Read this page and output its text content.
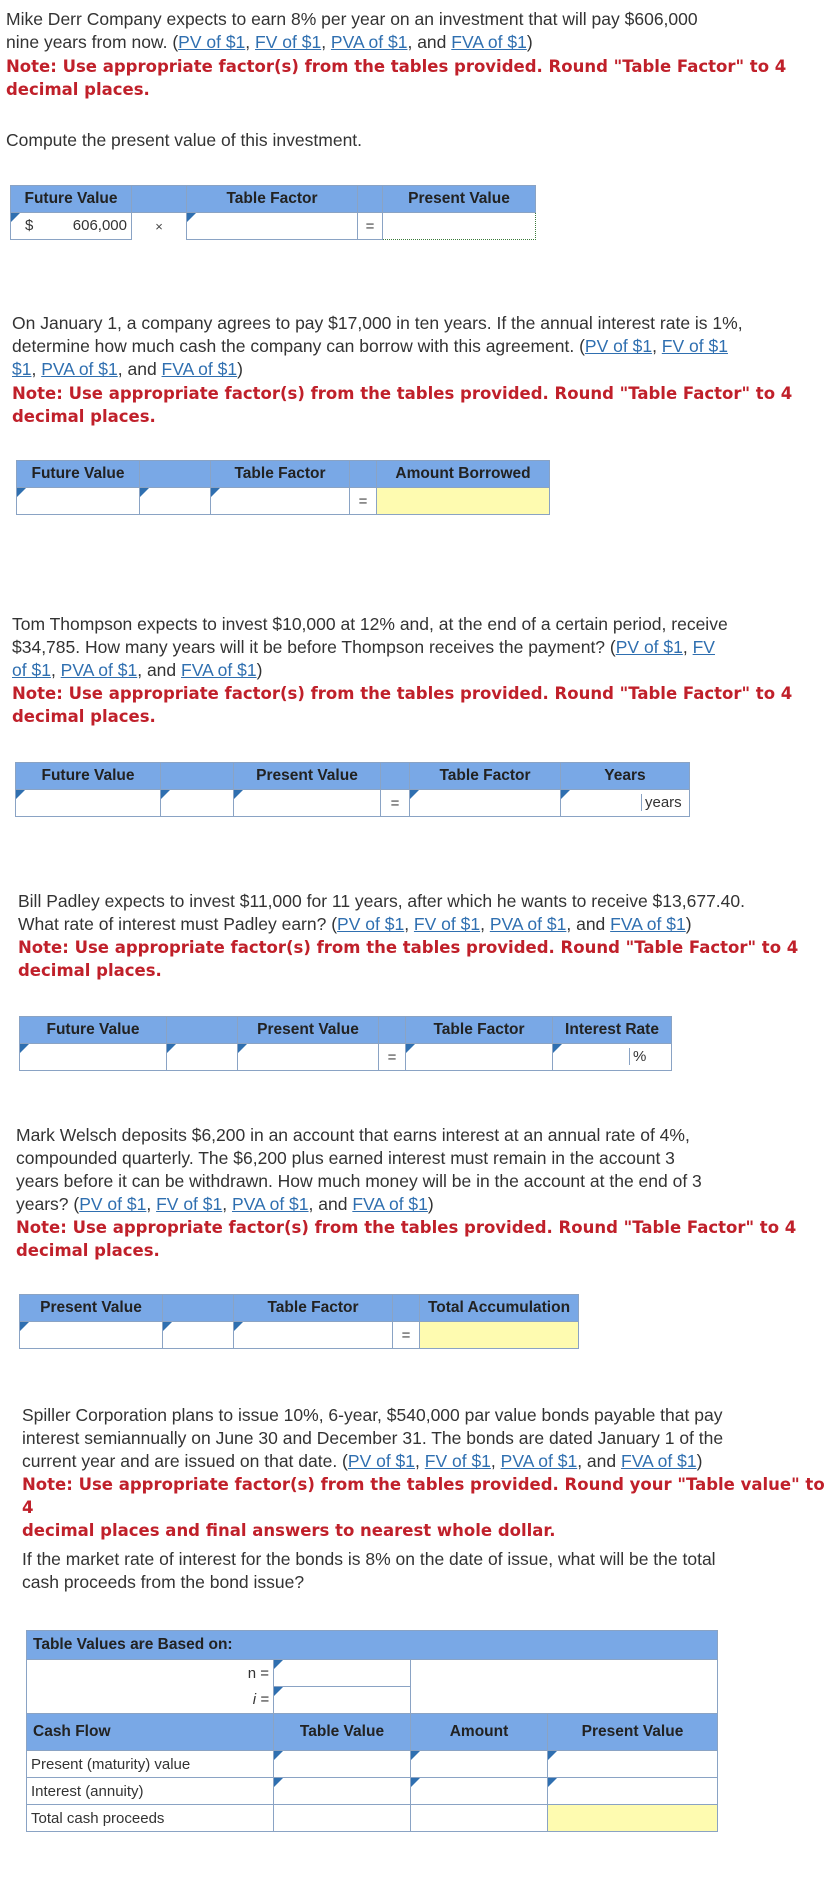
Mike Derr Company expects to earn 8% per year on an investment that will pay $606,000
nine years from now. (PV of $1, FV of $1, PVA of $1, and FVA of $1)
Note: Use appropriate factor(s) from the tables provided. Round "Table Factor" to 4
decimal places.
Compute the present value of this investment.
Future Value		Table Factor		Present Value

$ 606,000	×		=	
On January 1, a company agrees to pay $17,000 in ten years. If the annual interest rate is 1%,
determine how much cash the company can borrow with this agreement. (PV of $1, FV of $1
$1, PVA of $1, and FVA of $1)
Note: Use appropriate factor(s) from the tables provided. Round "Table Factor" to 4
decimal places.
Future Value		Table Factor		Amount Borrowed
			=	
Tom Thompson expects to invest $10,000 at 12% and, at the end of a certain period, receive
$34,785. How many years will it be before Thompson receives the payment? (PV of $1, FV
of $1, PVA of $1, and FVA of $1)
Note: Use appropriate factor(s) from the tables provided. Round "Table Factor" to 4
decimal places.
Future Value		Present Value		Table Factor	Years
			=		years
Bill Padley expects to invest $11,000 for 11 years, after which he wants to receive $13,677.40.
What rate of interest must Padley earn? (PV of $1, FV of $1, PVA of $1, and FVA of $1)
Note: Use appropriate factor(s) from the tables provided. Round "Table Factor" to 4
decimal places.
Future Value		Present Value		Table Factor	Interest Rate
			=		%
Mark Welsch deposits $6,200 in an account that earns interest at an annual rate of 4%,
compounded quarterly. The $6,200 plus earned interest must remain in the account 3
years before it can be withdrawn. How much money will be in the account at the end of 3
years? (PV of $1, FV of $1, PVA of $1, and FVA of $1)
Note: Use appropriate factor(s) from the tables provided. Round "Table Factor" to 4
decimal places.
Present Value		Table Factor		Total Accumulation
			=	
Spiller Corporation plans to issue 10%, 6-year, $540,000 par value bonds payable that pay
interest semiannually on June 30 and December 31. The bonds are dated January 1 of the
current year and are issued on that date. (PV of $1, FV of $1, PVA of $1, and FVA of $1)
Note: Use appropriate factor(s) from the tables provided. Round your "Table value" to 4
decimal places and final answers to nearest whole dollar.
If the market rate of interest for the bonds is 8% on the date of issue, what will be the total
cash proceeds from the bond issue?
Table Values are Based on:			
n =			
i =			
Cash Flow	Table Value	Amount	Present Value
Present (maturity) value			
Interest (annuity)			
Total cash proceeds			
